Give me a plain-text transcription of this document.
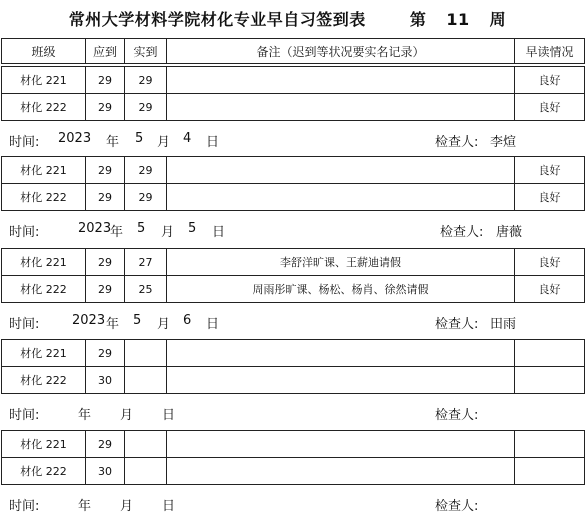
常州大学材料学院材化专业早自习签到表	第 11 周
班级	应到	实到	备注（迟到等状况要实名记录）	早读情况
材化 221	29	29		良好
材化 222	29	29		良好
时间: 2023 年 5 月 4 日	检查人: 李煊
材化 221	29	29		良好
材化 222	29	29		良好
时间:	2023
年 5 月 5 日	检查人: 唐薇
材化 221	29	27	李舒洋旷课、王薪迪请假	良好
材化 222	29	25	周雨彤旷课、杨松、杨肖、徐然请假	良好
时间:	2023 年 5 月 6 日	检查人: 田雨
材化 221	29			
材化 222	30			
时间:	年 月 日	检查人:
材化 221	29			
材化 222	30			
时间:	年 月 日	检查人:
